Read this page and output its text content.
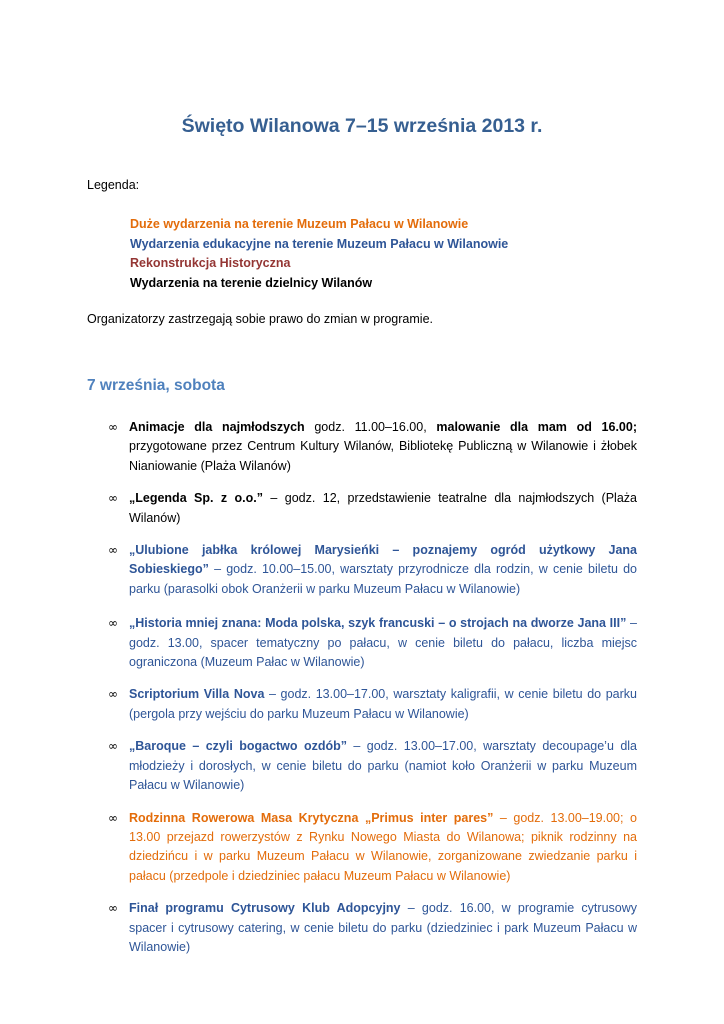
Święto Wilanowa 7–15 września 2013 r.
Legenda:
Duże wydarzenia na terenie Muzeum Pałacu w Wilanowie
Wydarzenia edukacyjne na terenie Muzeum Pałacu w Wilanowie
Rekonstrukcja Historyczna
Wydarzenia na terenie dzielnicy Wilanów
Organizatorzy zastrzegają sobie prawo do zmian w programie.
7 września, sobota
∞ Animacje dla najmłodszych godz. 11.00–16.00, malowanie dla mam od 16.00; przygotowane przez Centrum Kultury Wilanów, Bibliotekę Publiczną w Wilanowie i żłobek Nianiowanie (Plaża Wilanów)
∞ „Legenda Sp. z o.o.” – godz. 12, przedstawienie teatralne dla najmłodszych (Plaża Wilanów)
∞ „Ulubione jabłka królowej Marysieńki – poznajemy ogród użytkowy Jana Sobieskiego” – godz. 10.00–15.00, warsztaty przyrodnicze dla rodzin, w cenie biletu do parku (parasolki obok Oranżerii w parku Muzeum Pałacu w Wilanowie)
∞ „Historia mniej znana: Moda polska, szyk francuski – o strojach na dworze Jana III” – godz. 13.00, spacer tematyczny po pałacu, w cenie biletu do pałacu, liczba miejsc ograniczona (Muzeum Pałac w Wilanowie)
∞ Scriptorium Villa Nova – godz. 13.00–17.00, warsztaty kaligrafii, w cenie biletu do parku (pergola przy wejściu do parku Muzeum Pałacu w Wilanowie)
∞ „Baroque – czyli bogactwo ozdób” – godz. 13.00–17.00, warsztaty decoupage’u dla młodzieży i dorosłych, w cenie biletu do parku (namiot koło Oranżerii w parku Muzeum Pałacu w Wilanowie)
∞ Rodzinna Rowerowa Masa Krytyczna „Primus inter pares” – godz. 13.00–19.00; o 13.00 przejazd rowerzystów z Rynku Nowego Miasta do Wilanowa; piknik rodzinny na dziedzińcu i w parku Muzeum Pałacu w Wilanowie, zorganizowane zwiedzanie parku i pałacu (przedpole i dziedziniec pałacu Muzeum Pałacu w Wilanowie)
∞ Finał programu Cytrusowy Klub Adopcyjny – godz. 16.00, w programie cytrusowy spacer i cytrusowy catering, w cenie biletu do parku (dziedziniec i park Muzeum Pałacu w Wilanowie)
